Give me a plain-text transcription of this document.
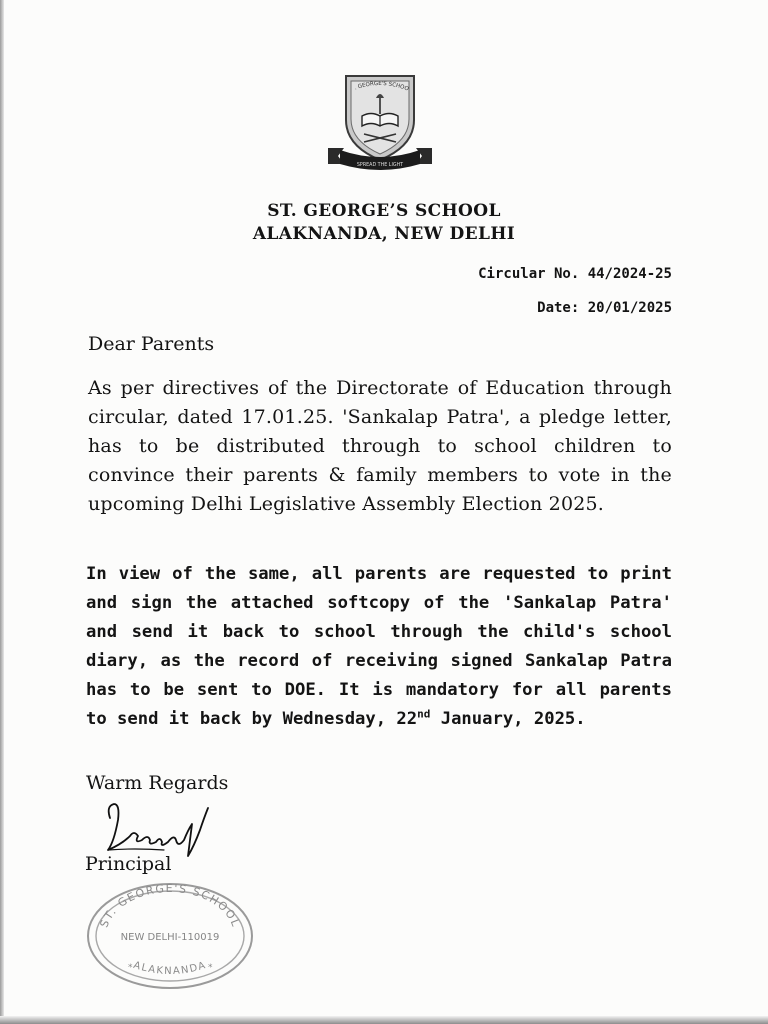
. GEORGE'S SCHOO
SPREAD THE LIGHT
ST. GEORGE’S SCHOOL
ALAKNANDA, NEW DELHI
Circular No. 44/2024-25
Date: 20/01/2025
Dear Parents
As per directives of the Directorate of Education through circular, dated 17.01.25. 'Sankalap Patra', a pledge letter, has to be distributed through to school children to convince their parents & family members to vote in the upcoming Delhi Legislative Assembly Election 2025.
In view of the same, all parents are requested to print and sign the attached softcopy of the 'Sankalap Patra' and send it back to school through the child's school diary, as the record of receiving signed Sankalap Patra has to be sent to DOE. It is mandatory for all parents to send it back by Wednesday, 22nd January, 2025.
Warm Regards
Principal
ST. GEORGE'S SCHOOL
NEW DELHI-110019
ALAKNANDA
*	*
